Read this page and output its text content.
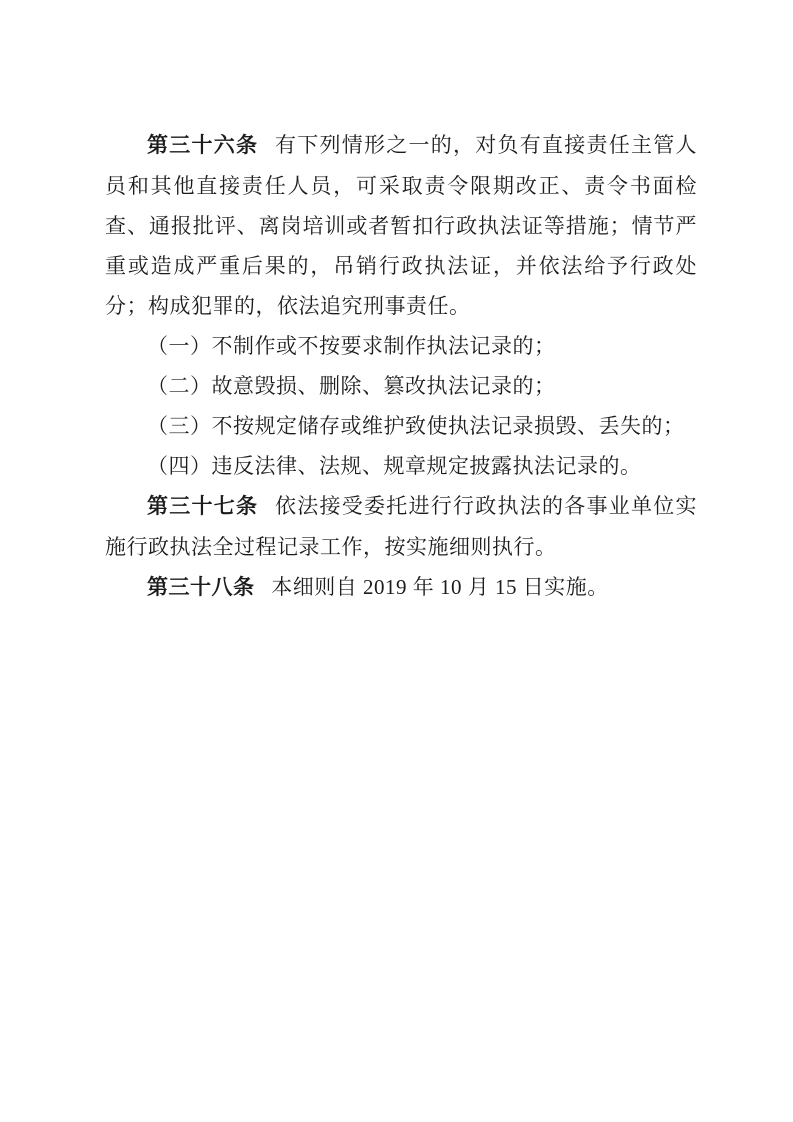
第三十六条 有下列情形之一的，对负有直接责任主管人员和其他直接责任人员，可采取责令限期改正、责令书面检查、通报批评、离岗培训或者暂扣行政执法证等措施；情节严重或造成严重后果的，吊销行政执法证，并依法给予行政处分；构成犯罪的，依法追究刑事责任。

（一）不制作或不按要求制作执法记录的；

（二）故意毁损、删除、篡改执法记录的；

（三）不按规定储存或维护致使执法记录损毁、丢失的；

（四）违反法律、法规、规章规定披露执法记录的。

第三十七条 依法接受委托进行行政执法的各事业单位实施行政执法全过程记录工作，按实施细则执行。

第三十八条 本细则自 2019 年 10 月 15 日实施。
